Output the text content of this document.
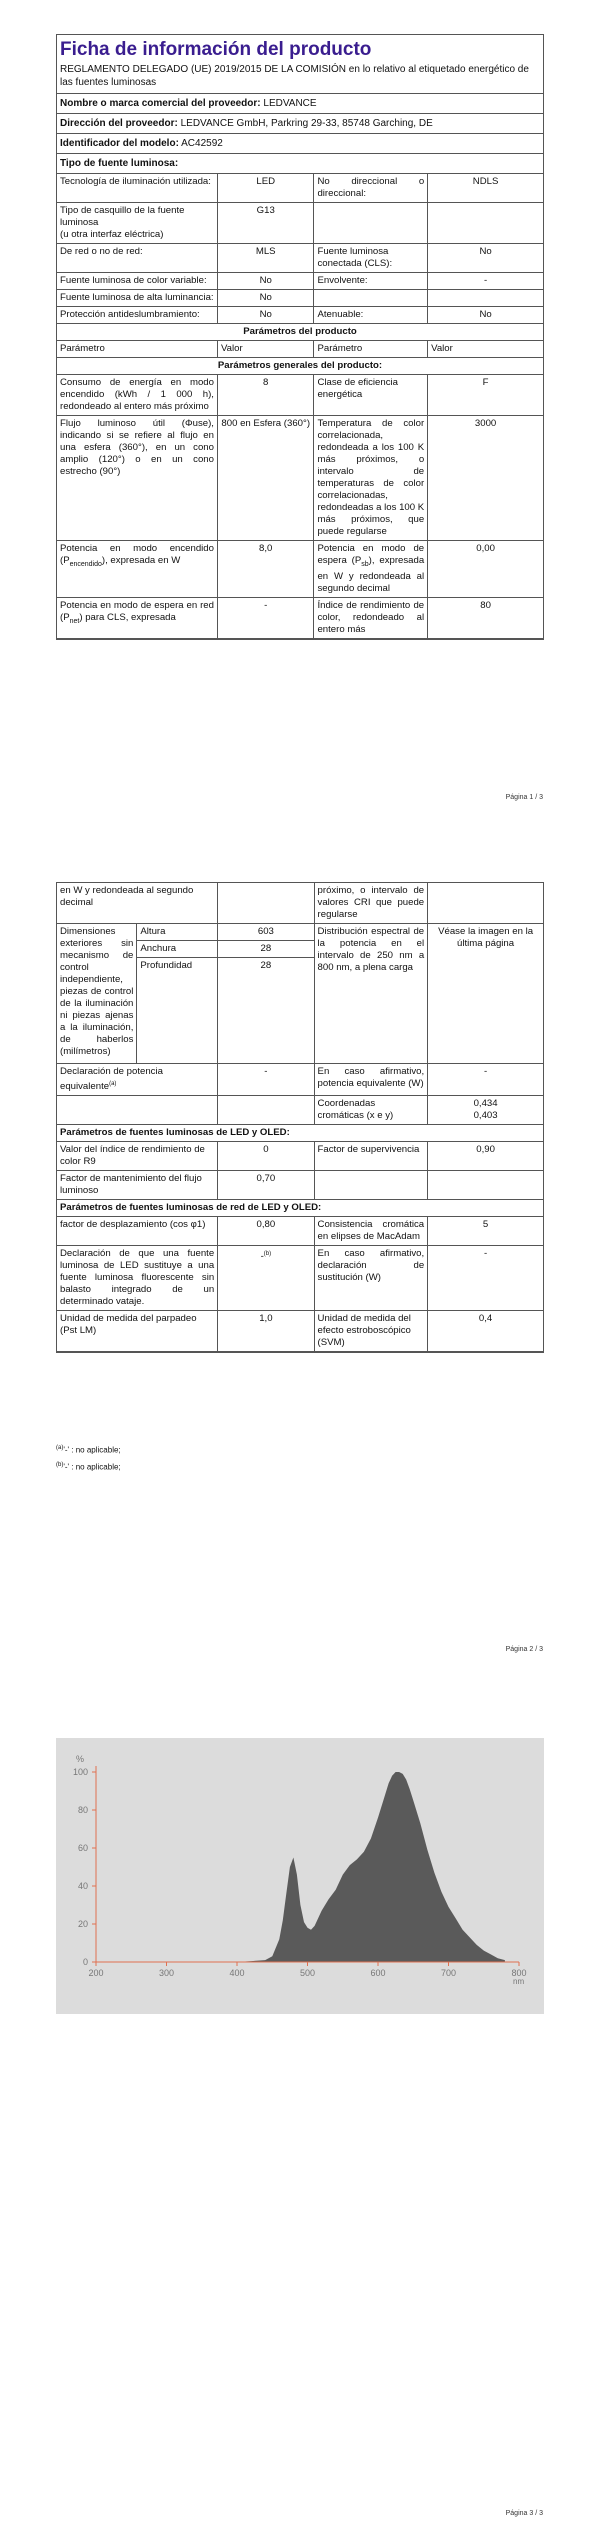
Ficha de información del producto
REGLAMENTO DELEGADO (UE) 2019/2015 DE LA COMISIÓN en lo relativo al etiquetado energético de las fuentes luminosas
Nombre o marca comercial del proveedor: LEDVANCE
Dirección del proveedor: LEDVANCE GmbH, Parkring 29-33, 85748 Garching, DE
Identificador del modelo: AC42592
Tipo de fuente luminosa:
Tecnología de iluminación utilizada:	LED	No direccional o direccional:	NDLS

Tipo de casquillo de la fuente luminosa
(u otra interfaz eléctrica)	G13		
De red o no de red:	MLS	Fuente luminosa conectada (CLS):	No
Fuente luminosa de color variable:	No	Envolvente:	-
Fuente luminosa de alta luminancia:	No		
Protección antideslumbramiento:	No	Atenuable:	No
Parámetros del producto			
Parámetro	Valor	Parámetro	Valor
Parámetros generales del producto:			
Consumo de energía en modo encendido (kWh / 1 000 h), redondeado al entero más próximo	8	Clase de eficiencia energética	F
Flujo luminoso útil (Φuse), indicando si se refiere al flujo en una esfera (360°), en un cono amplio (120°) o en un cono estrecho (90°)	800 en Esfera (360°)	Temperatura de color correlacionada, redondeada a los 100 K más próximos, o intervalo de temperaturas de color correlacionadas, redondeadas a los 100 K más próximos, que puede regularse	3000
Potencia en modo encendido $(P_{encendido})$, expresada en W	8,0	Potencia en modo de espera $(P_{sb})$, expresada en W y redondeada al segundo decimal	0,00
Potencia en modo de espera en red $(P_{net})$ para CLS, expresada	-	Índice de rendimiento de color, redondeado al entero más	80
Página 1 / 3
en W y redondeada al segundo decimal			próximo, o intervalo de valores CRI que puede regularse	
Dimensiones exteriores sin mecanismo de control independiente, piezas de control de la iluminación ni piezas ajenas a la iluminación, de haberlos (milímetros)	Altura	603	Distribución espectral de la potencia en el intervalo de 250 nm a 800 nm, a plena carga	Véase la imagen en la última página
	Anchura	28		
	Profundidad	28		
Declaración de potencia equivalente$^{(a)}$		-	En caso afirmativo, potencia equivalente (W)	-
			Coordenadas cromáticas (x e y)	0,434
0,403

Parámetros de fuentes luminosas de LED y OLED:				
Valor del índice de rendimiento de color R9		0	Factor de supervivencia	0,90
Factor de mantenimiento del flujo luminoso		0,70		
Parámetros de fuentes luminosas de red de LED y OLED:				
factor de desplazamiento (cos φ1)		0,80	Consistencia cromática en elipses de MacAdam	5
Declaración de que una fuente luminosa de LED sustituye a una fuente luminosa fluorescente sin balasto integrado de un determinado vataje.		-$^{(b)}$	En caso afirmativo, declaración de sustitución (W)	-
Unidad de medida del parpadeo (Pst LM)		1,0	Unidad de medida del efecto estroboscópico (SVM)	0,4
$^{(a)}$'-' : no aplicable;
$^{(b)}$'-' : no aplicable;
Página 2 / 3
0
20
40
60
80
100
200	300	400	500	600	700	800
%
nm
Página 3 / 3
